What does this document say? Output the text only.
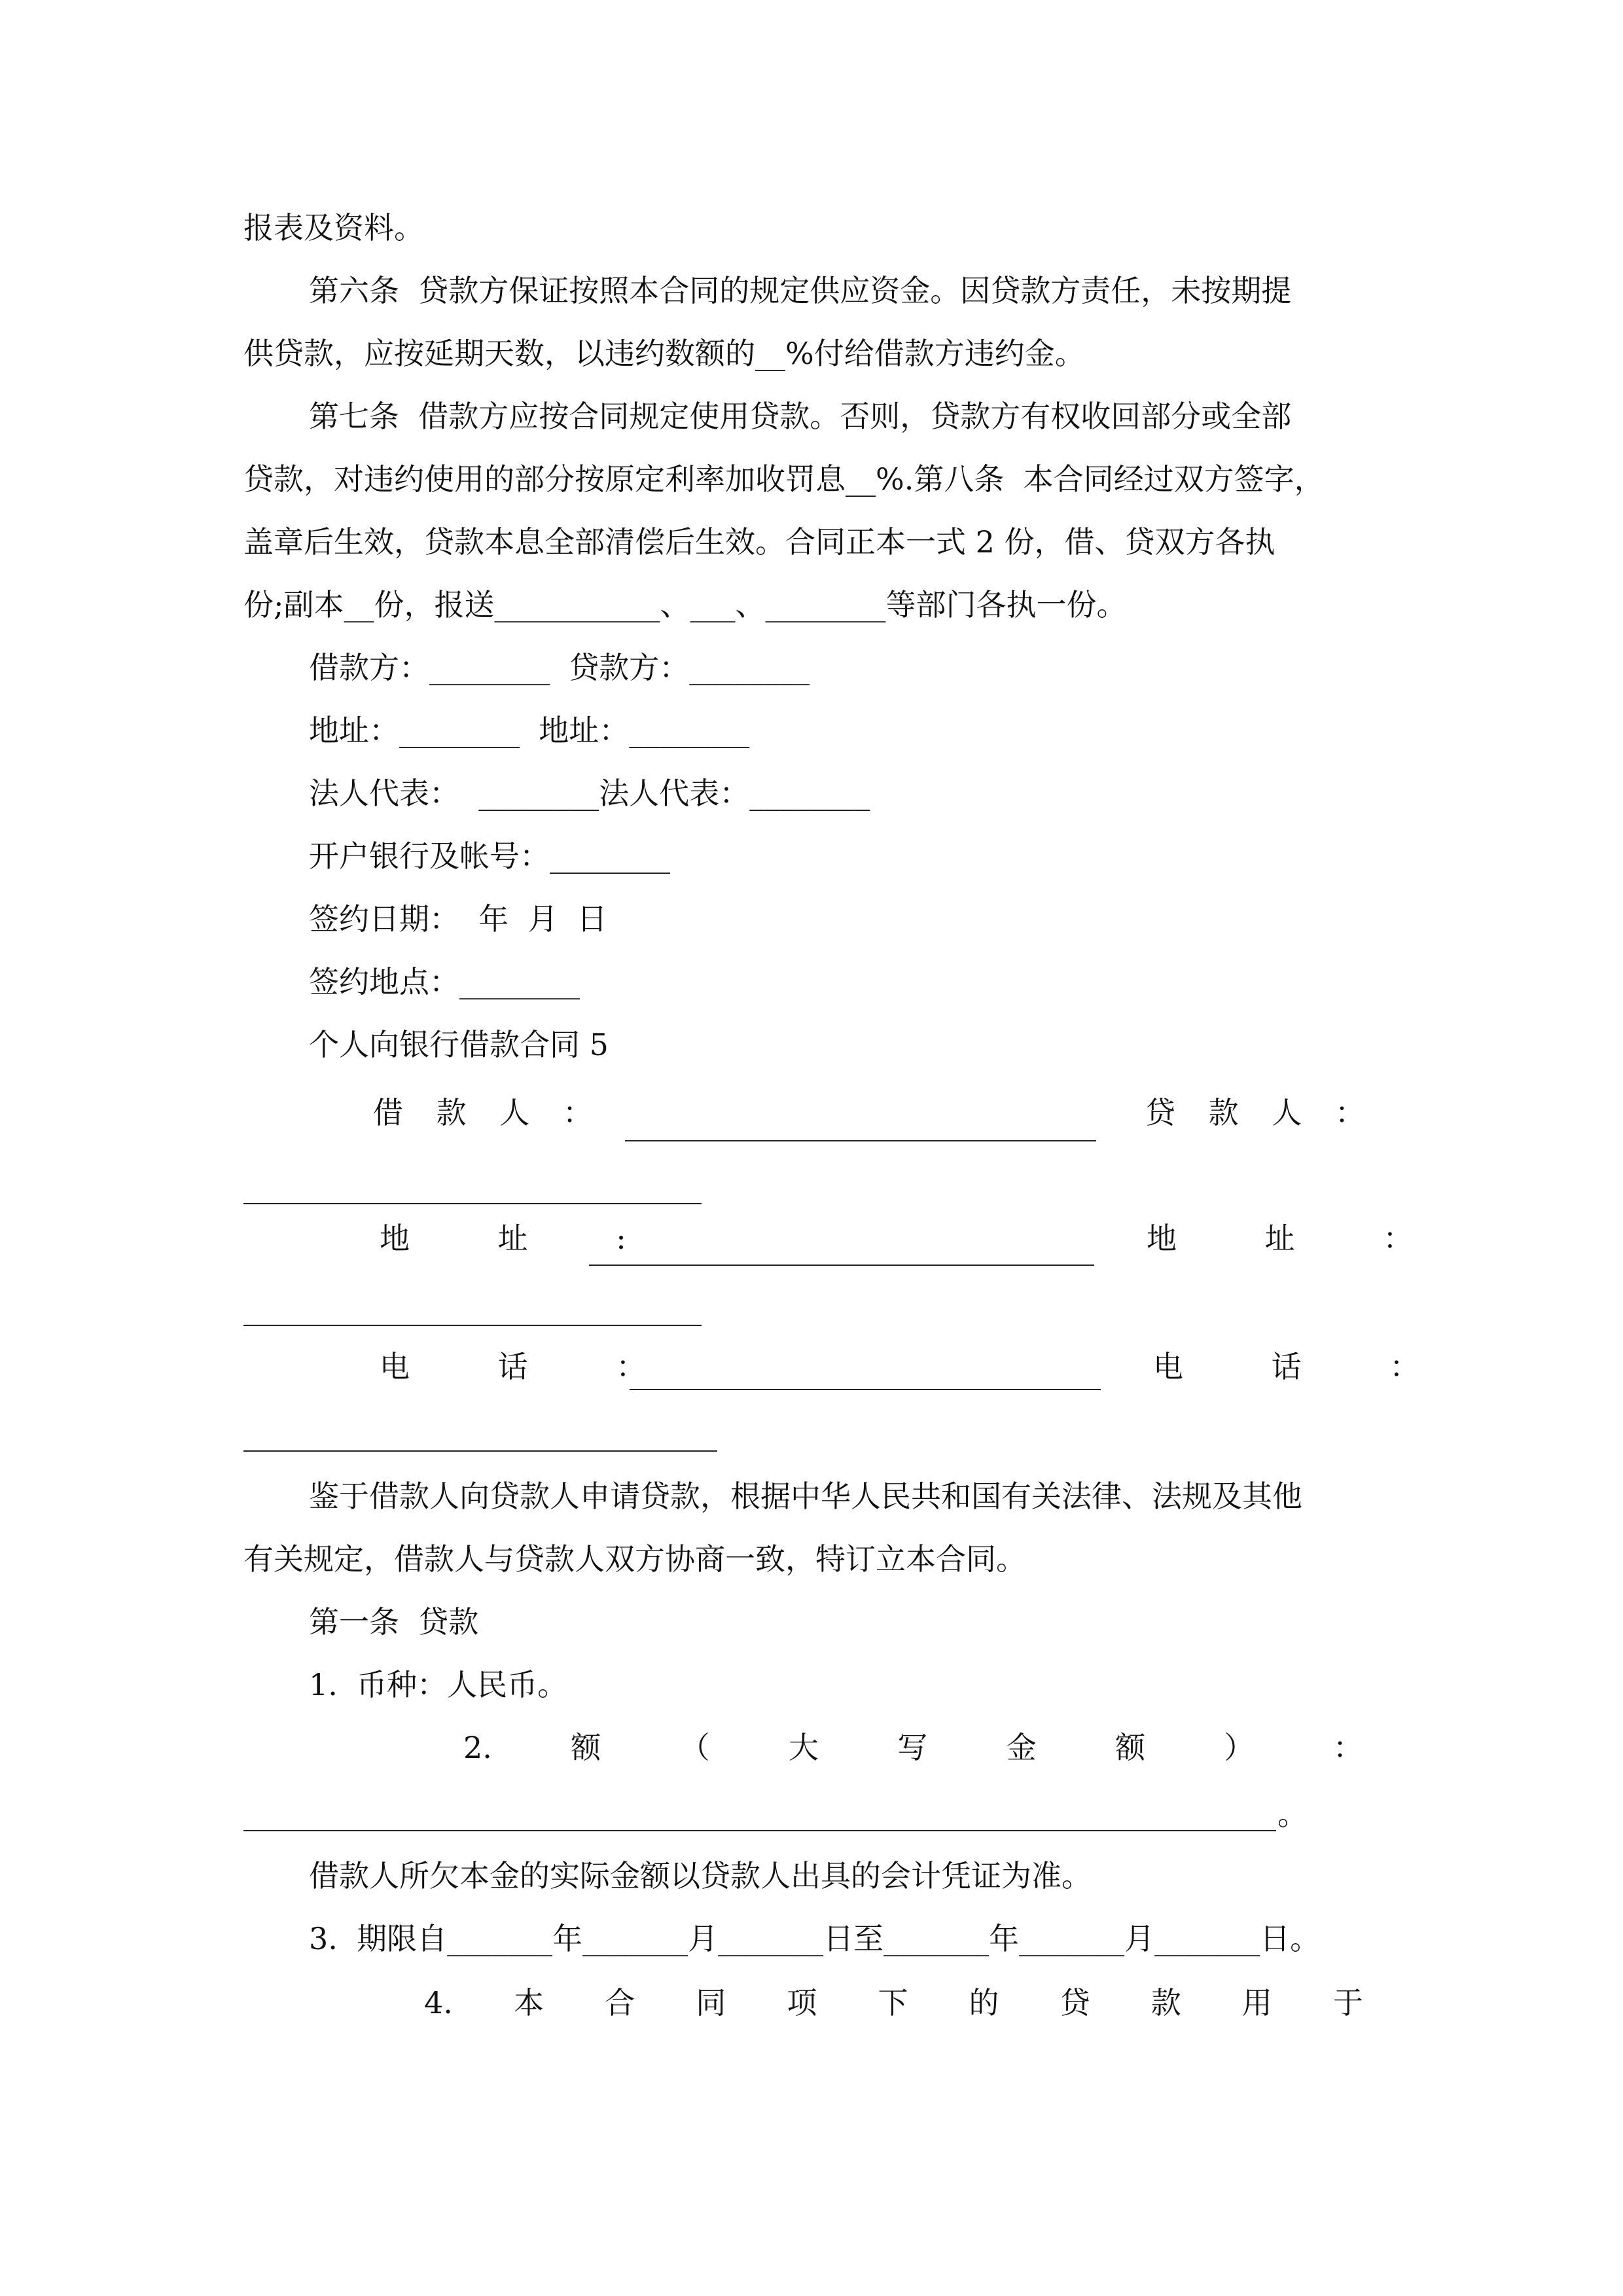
报表及资料。
第六条  贷款方保证按照本合同的规定供应资金。因贷款方责任，未按期提
供贷款，应按延期天数，以违约数额的__%付给借款方违约金。
第七条  借款方应按合同规定使用贷款。否则，贷款方有权收回部分或全部
贷款，对违约使用的部分按原定利率加收罚息__%.第八条  本合同经过双方签字，
盖章后生效，贷款本息全部清偿后生效。合同正本一式 2 份，借、贷双方各执
份;副本__份，报送___________、___、________等部门各执一份。
借款方：________  贷款方：________
地址：________  地址：________
法人代表：  ________法人代表：________
开户银行及帐号：________
签约日期：  年  月  日
签约地点：________
个人向银行借款合同 5
借 款 人 ：	贷 款 人 ：
地 址 :	地 址 ：
电 话 ：	电 话 ：
鉴于借款人向贷款人申请贷款，根据中华人民共和国有关法律、法规及其他
有关规定，借款人与贷款人双方协商一致，特订立本合同。
第一条  贷款
1.  币种：人民币。
2.	额	（	大	写	金	额	）	：
。
借款人所欠本金的实际金额以贷款人出具的会计凭证为准。
3.  期限自_______年_______月_______日至_______年_______月_______日。
4. 本 合 同 项 下 的 贷 款 用 于
